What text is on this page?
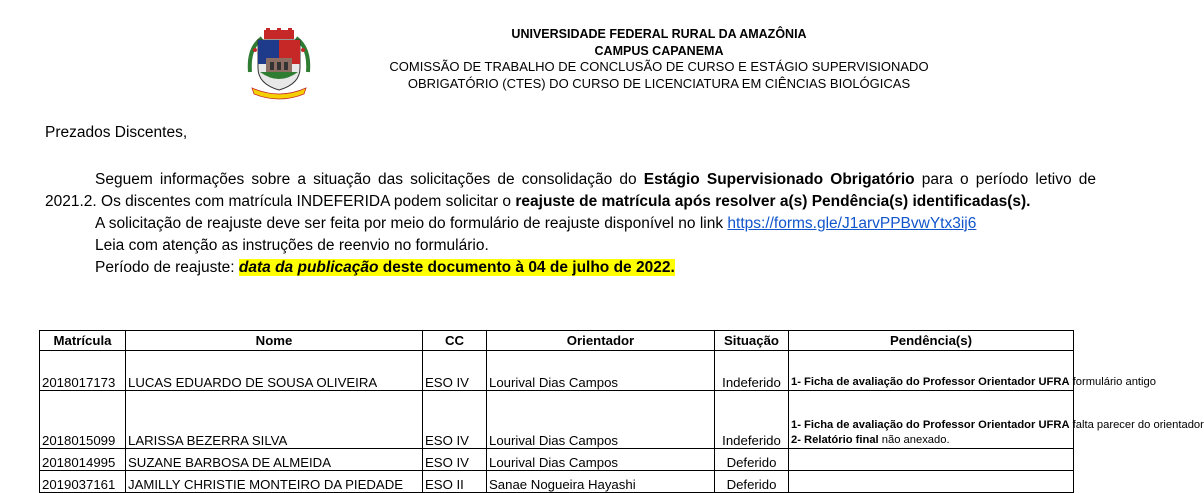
UNIVERSIDADE FEDERAL RURAL DA AMAZÔNIA
CAMPUS CAPANEMA
COMISSÃO DE TRABALHO DE CONCLUSÃO DE CURSO E ESTÁGIO SUPERVISIONADO
OBRIGATÓRIO (CTES) DO CURSO DE LICENCIATURA EM CIÊNCIAS BIOLÓGICAS

Prezados Discentes,

Seguem informações sobre a situação das solicitações de consolidação do Estágio Supervisionado Obrigatório para o período letivo de 2021.2. Os discentes com matrícula INDEFERIDA podem solicitar o reajuste de matrícula após resolver a(s) Pendência(s) identificadas(s).

A solicitação de reajuste deve ser feita por meio do formulário de reajuste disponível no link https://forms.gle/J1arvPPBvwYtx3ij6

Leia com atenção as instruções de reenvio no formulário.

Período de reajuste: data da publicação deste documento à 04 de julho de 2022.

Matrícula	Nome	CC	Orientador	Situação	Pendência(s)
2018017173	LUCAS EDUARDO DE SOUSA OLIVEIRA	ESO IV	Lourival Dias Campos	Indeferido	1- Ficha de avaliação do Professor Orientador UFRA formulário antigo
2018015099	LARISSA BEZERRA SILVA	ESO IV	Lourival Dias Campos	Indeferido	1- Ficha de avaliação do Professor Orientador UFRA falta parecer do orientador
2- Relatório final não anexado.
2018014995	SUZANE BARBOSA DE ALMEIDA	ESO IV	Lourival Dias Campos	Deferido	
2019037161	JAMILLY CHRISTIE MONTEIRO DA PIEDADE	ESO II	Sanae Nogueira Hayashi	Deferido	
